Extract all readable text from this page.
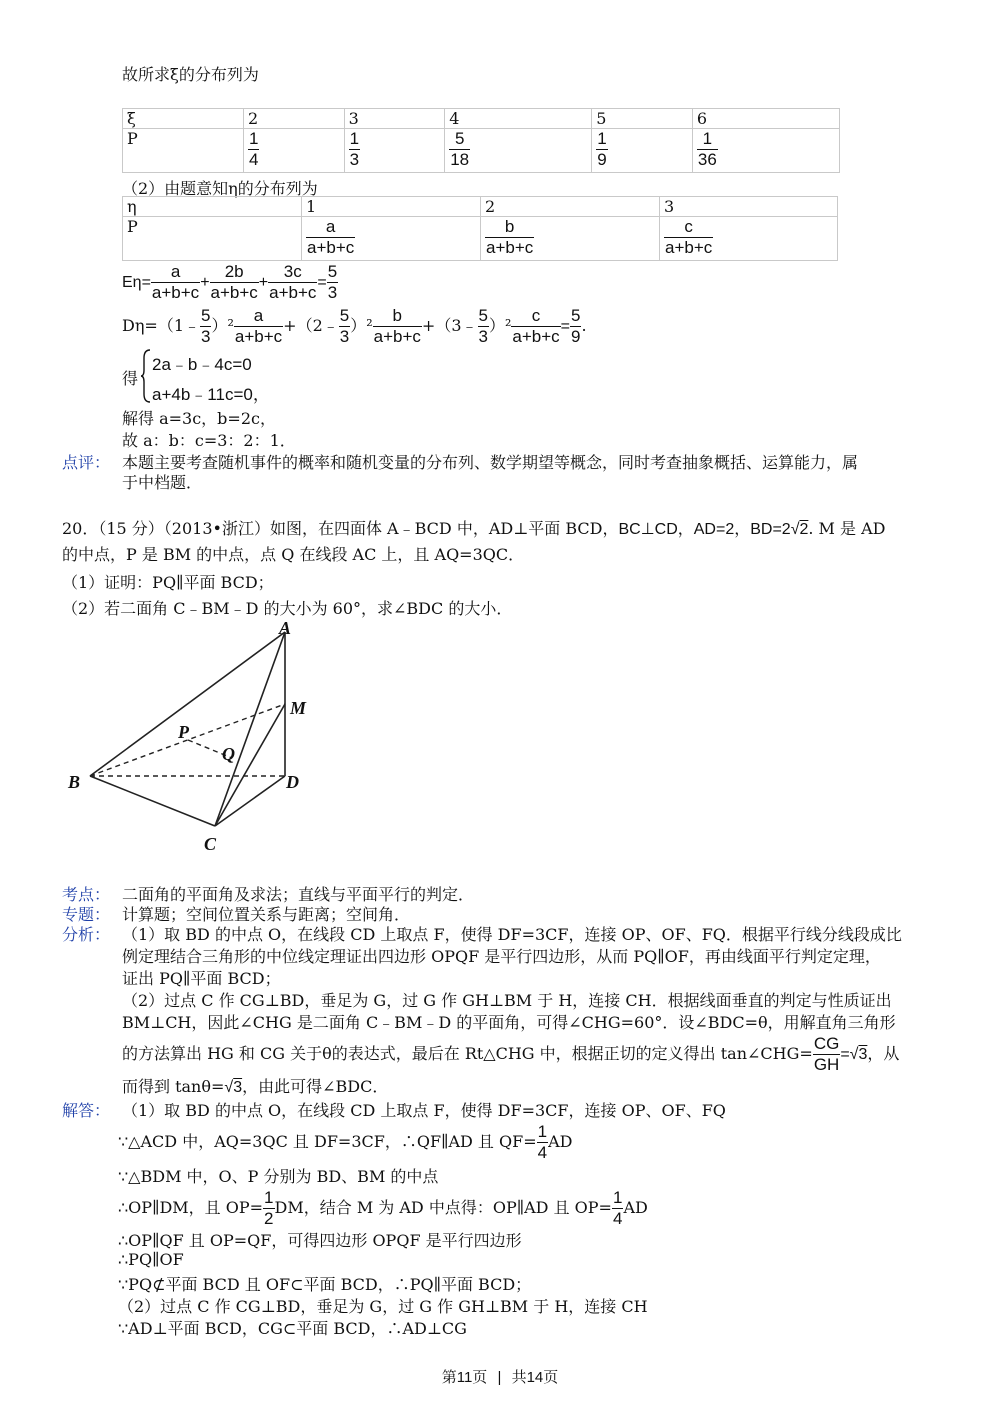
故所求ξ的分布列为
ξ	2	3	4	5	6
P	$\frac{1}{4}$	$\frac{1}{3}$	$\frac{5}{18}$	$\frac{1}{9}$	$\frac{1}{36}$
（2）由题意知η的分布列为
η	1	2	3
P	$\frac{a}{a+b+c}$	$\frac{b}{a+b+c}$	$\frac{c}{a+b+c}$
$E\eta= \frac{a}{a+b+c} + \frac{2b}{a+b+c} + \frac{3c}{a+b+c} = \frac{5}{3}$
Dη=（1﹣ $\frac{5}{3} )^2 \frac{a}{a+b+c}$ +（2﹣ $\frac{5}{3} )^2 \frac{b}{a+b+c}$ +（3﹣ $\frac{5}{3} )^2 \frac{c}{a+b+c} = \frac{5}{9}$ .
得
2a﹣b﹣4c=0
a+4b﹣11c=0，
解得 a=3c，b=2c，
故 a：b：c=3：2：1．
点评： 本题主要考查随机事件的概率和随机变量的分布列、数学期望等概念，同时考查抽象概括、运算能力，属
于中档题．
20．（15 分）（2013•浙江）如图，在四面体 A﹣BCD 中，AD⊥平面 BCD，BC⊥CD，AD=2，BD=2√2. M 是 AD
的中点，P 是 BM 的中点，点 Q 在线段 AC 上，且 AQ=3QC．
（1）证明：PQ∥平面 BCD；
（2）若二面角 C﹣BM﹣D 的大小为 60°，求∠BDC 的大小．
A
M
P
Q
B	D
C
考点： 二面角的平面角及求法；直线与平面平行的判定．
专题： 计算题；空间位置关系与距离；空间角．
分析： （1）取 BD 的中点 O，在线段 CD 上取点 F，使得 DF=3CF，连接 OP、OF、FQ．根据平行线分线段成比
例定理结合三角形的中位线定理证出四边形 OPQF 是平行四边形，从而 PQ∥OF，再由线面平行判定定理，
证出 PQ∥平面 BCD；
（2）过点 C 作 CG⊥BD，垂足为 G，过 G 作 GH⊥BM 于 H，连接 CH．根据线面垂直的判定与性质证出
BM⊥CH，因此∠CHG 是二面角 C﹣BM﹣D 的平面角，可得∠CHG=60°．设∠BDC=θ，用解直角三角形
的方法算出 HG 和 CG 关于θ的表达式，最后在 Rt△CHG 中，根据正切的定义得出 tan∠CHG= $\frac{CG}{GH} =√3$，从
而得到 tanθ=√3，由此可得∠BDC．
解答： （1）取 BD 的中点 O，在线段 CD 上取点 F，使得 DF=3CF，连接 OP、OF、FQ
∵△ACD 中，AQ=3QC 且 DF=3CF，∴QF∥AD 且 $QF= \frac{1}{4}$ AD
∵△BDM 中，O、P 分别为 BD、BM 的中点
∴OP∥DM，且 $OP= \frac{1}{2}$ DM，结合 M 为 AD 中点得：OP∥AD 且 $OP= \frac{1}{4}$ AD
∴OP∥QF 且 OP=QF，可得四边形 OPQF 是平行四边形
∴PQ∥OF
∵PQ⊄平面 BCD 且 OF⊂平面 BCD，∴PQ∥平面 BCD；
（2）过点 C 作 CG⊥BD，垂足为 G，过 G 作 GH⊥BM 于 H，连接 CH
∵AD⊥平面 BCD，CG⊂平面 BCD，∴AD⊥CG
第11页 | 共14页
